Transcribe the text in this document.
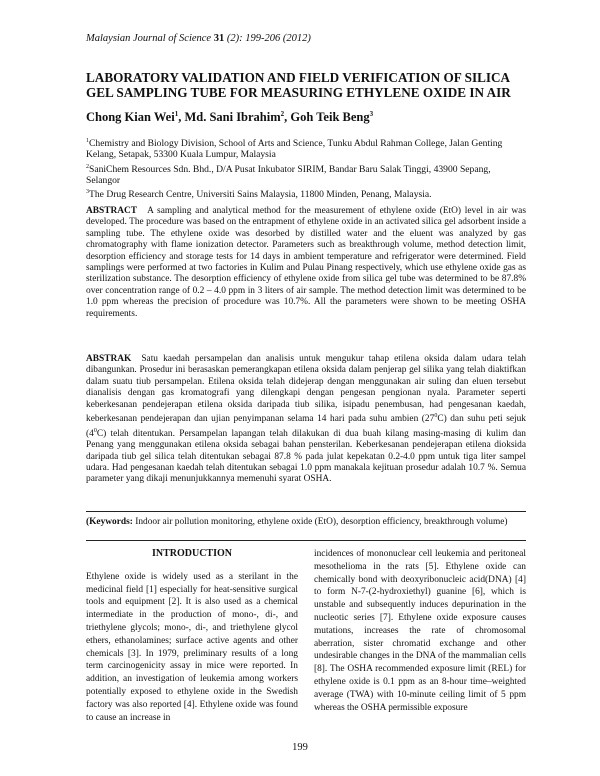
Malaysian Journal of Science 31 (2): 199-206 (2012)
LABORATORY VALIDATION AND FIELD VERIFICATION OF SILICA GEL SAMPLING TUBE FOR MEASURING ETHYLENE OXIDE IN AIR
Chong Kian Wei$^1$, Md. Sani Ibrahim$^2$, Goh Teik Beng$^3$

$^1$Chemistry and Biology Division, School of Arts and Science, Tunku Abdul Rahman College, Jalan Genting Kelang, Setapak, 53300 Kuala Lumpur, Malaysia

$^2$SaniChem Resources Sdn. Bhd., D/A Pusat Inkubator SIRIM, Bandar Baru Salak Tinggi, 43900 Sepang, Selangor

$^3$The Drug Research Centre, Universiti Sains Malaysia, 11800 Minden, Penang, Malaysia.

ABSTRACT A sampling and analytical method for the measurement of ethylene oxide (EtO) level in air was developed. The procedure was based on the entrapment of ethylene oxide in an activated silica gel adsorbent inside a sampling tube. The ethylene oxide was desorbed by distilled water and the eluent was analyzed by gas chromatography with flame ionization detector. Parameters such as breakthrough volume, method detection limit, desorption efficiency and storage tests for 14 days in ambient temperature and refrigerator were determined. Field samplings were performed at two factories in Kulim and Pulau Pinang respectively, which use ethylene oxide gas as sterilization substance. The desorption efficiency of ethylene oxide from silica gel tube was determined to be 87.8% over concentration range of 0.2 – 4.0 ppm in 3 liters of air sample. The method detection limit was determined to be 1.0 ppm whereas the precision of procedure was 10.7%. All the parameters were shown to be meeting OSHA requirements.
ABSTRAK Satu kaedah persampelan dan analisis untuk mengukur tahap etilena oksida dalam udara telah dibangunkan. Prosedur ini berasaskan pemerangkapan etilena oksida dalam penjerap gel silika yang telah diaktifkan dalam suatu tiub persampelan. Etilena oksida telah didejerap dengan menggunakan air suling dan eluen tersebut dianalisis dengan gas kromatografi yang dilengkapi dengan pengesan pengionan nyala. Parameter seperti keberkesanan pendejerapan etilena oksida daripada tiub silika, isipadu penembusan, had pengesanan kaedah, keberkesanan pendejerapan dan ujian penyimpanan selama 14 hari pada suhu ambien $(27^0C)$ dan suhu peti sejuk $(4^0C)$ telah ditentukan. Persampelan lapangan telah dilakukan di dua buah kilang masing-masing di kulim dan Penang yang menggunakan etilena oksida sebagai bahan pensterilan. Keberkesanan pendejerapan etilena dioksida daripada tiub gel silica telah ditentukan sebagai 87.8 % pada julat kepekatan 0.2-4.0 ppm untuk tiga liter sampel udara. Had pengesanan kaedah telah ditentukan sebagai 1.0 ppm manakala kejituan prosedur adalah 10.7 %. Semua parameter yang dikaji menunjukkannya memenuhi syarat OSHA.
(Keywords: Indoor air pollution monitoring, ethylene oxide (EtO), desorption efficiency, breakthrough volume)
INTRODUCTION
Ethylene oxide is widely used as a sterilant in the medicinal field [1] especially for heat-sensitive surgical tools and equipment [2]. It is also used as a chemical intermediate in the production of mono-, di-, and triethylene glycols; mono-, di-, and triethylene glycol ethers, ethanolamines; surface active agents and other chemicals [3]. In 1979, preliminary results of a long term carcinogenicity assay in mice were reported. In addition, an investigation of leukemia among workers potentially exposed to ethylene oxide in the Swedish factory was also reported [4]. Ethylene oxide was found to cause an increase in
incidences of mononuclear cell leukemia and peritoneal mesothelioma in the rats [5]. Ethylene oxide can chemically bond with deoxyribonucleic acid(DNA) [4] to form N-7-(2-hydroxiethyl) guanine [6], which is unstable and subsequently induces depurination in the nucleotic series [7]. Ethylene oxide exposure causes mutations, increases the rate of chromosomal aberration, sister chromatid exchange and other undesirable changes in the DNA of the mammalian cells [8]. The OSHA recommended exposure limit (REL) for ethylene oxide is 0.1 ppm as an 8-hour time–weighted average (TWA) with 10-minute ceiling limit of 5 ppm whereas the OSHA permissible exposure
199
